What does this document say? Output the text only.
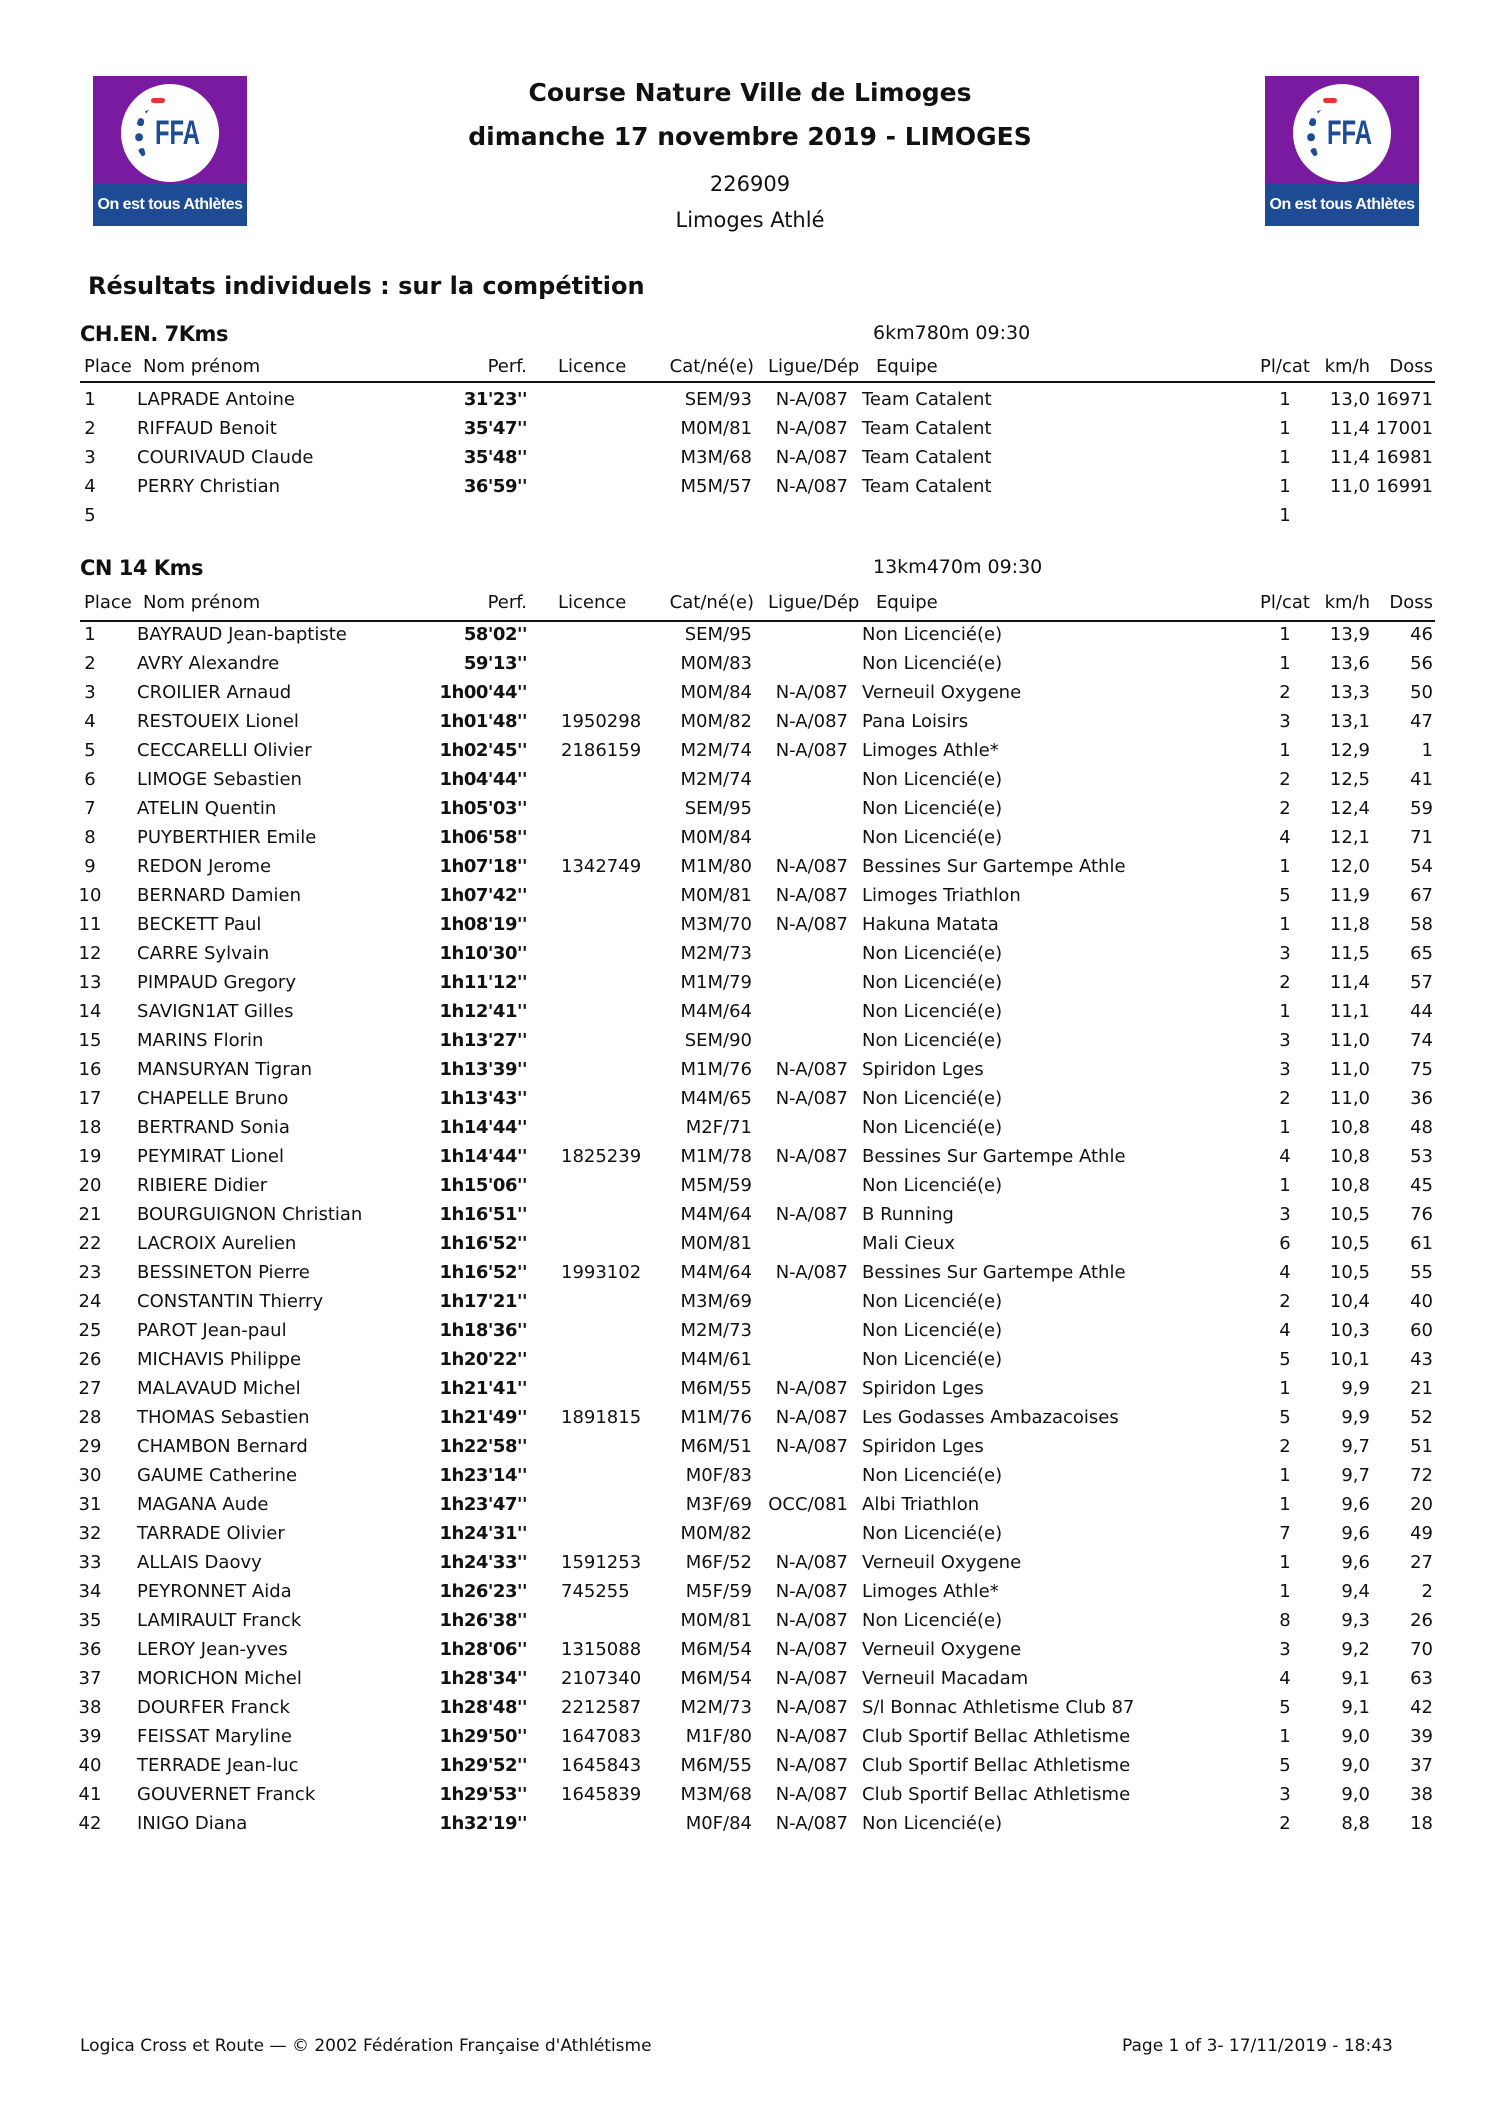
FFA
On est tous Athlètes
FFA
On est tous Athlètes
Course Nature Ville de Limoges
dimanche 17 novembre 2019 - LIMOGES
226909
Limoges Athlé
Résultats individuels : sur la compétition
CH.EN. 7Kms	6km780m 09:30
Place Nom prénom	Perf. Licence	Cat/né(e) Ligue/Dép Equipe	Pl/cat km/h	Doss
1	LAPRADE Antoine	31'23''	SEM/93	N-A/087 Team Catalent	1	13,0 16971
2	RIFFAUD Benoit	35'47''	M0M/81	N-A/087 Team Catalent	1	11,4 17001
3	COURIVAUD Claude	35'48''	M3M/68	N-A/087 Team Catalent	1	11,4 16981
4	PERRY Christian	36'59''	M5M/57	N-A/087 Team Catalent	1	11,0 16991
5	1
CN 14 Kms	13km470m 09:30
Place Nom prénom	Perf. Licence	Cat/né(e) Ligue/Dép Equipe	Pl/cat km/h	Doss
1	BAYRAUD Jean-baptiste	58'02''	SEM/95	Non Licencié(e)	1	13,9	46
2	AVRY Alexandre	59'13''	M0M/83	Non Licencié(e)	1	13,6	56
3	CROILIER Arnaud	1h00'44''	M0M/84	N-A/087 Verneuil Oxygene	2	13,3	50
4	RESTOUEIX Lionel	1h01'48'' 1950298	M0M/82	N-A/087 Pana Loisirs	3	13,1	47
5	CECCARELLI Olivier	1h02'45'' 2186159	M2M/74	N-A/087 Limoges Athle*	1	12,9	1
6	LIMOGE Sebastien	1h04'44''	M2M/74	Non Licencié(e)	2	12,5	41
7	ATELIN Quentin	1h05'03''	SEM/95	Non Licencié(e)	2	12,4	59
8	PUYBERTHIER Emile	1h06'58''	M0M/84	Non Licencié(e)	4	12,1	71
9	REDON Jerome	1h07'18'' 1342749	M1M/80	N-A/087 Bessines Sur Gartempe Athle	1	12,0	54
10	BERNARD Damien	1h07'42''	M0M/81	N-A/087 Limoges Triathlon	5	11,9	67
11	BECKETT Paul	1h08'19''	M3M/70	N-A/087 Hakuna Matata	1	11,8	58
12	CARRE Sylvain	1h10'30''	M2M/73	Non Licencié(e)	3	11,5	65
13	PIMPAUD Gregory	1h11'12''	M1M/79	Non Licencié(e)	2	11,4	57
14	SAVIGN1AT Gilles	1h12'41''	M4M/64	Non Licencié(e)	1	11,1	44
15	MARINS Florin	1h13'27''	SEM/90	Non Licencié(e)	3	11,0	74
16	MANSURYAN Tigran	1h13'39''	M1M/76	N-A/087 Spiridon Lges	3	11,0	75
17	CHAPELLE Bruno	1h13'43''	M4M/65	N-A/087 Non Licencié(e)	2	11,0	36
18	BERTRAND Sonia	1h14'44''	M2F/71	Non Licencié(e)	1	10,8	48
19	PEYMIRAT Lionel	1h14'44'' 1825239	M1M/78	N-A/087 Bessines Sur Gartempe Athle	4	10,8	53
20	RIBIERE Didier	1h15'06''	M5M/59	Non Licencié(e)	1	10,8	45
21	BOURGUIGNON Christian	1h16'51''	M4M/64	N-A/087 B Running	3	10,5	76
22	LACROIX Aurelien	1h16'52''	M0M/81	Mali Cieux	6	10,5	61
23	BESSINETON Pierre	1h16'52'' 1993102	M4M/64	N-A/087 Bessines Sur Gartempe Athle	4	10,5	55
24	CONSTANTIN Thierry	1h17'21''	M3M/69	Non Licencié(e)	2	10,4	40
25	PAROT Jean-paul	1h18'36''	M2M/73	Non Licencié(e)	4	10,3	60
26	MICHAVIS Philippe	1h20'22''	M4M/61	Non Licencié(e)	5	10,1	43
27	MALAVAUD Michel	1h21'41''	M6M/55	N-A/087 Spiridon Lges	1	9,9	21
28	THOMAS Sebastien	1h21'49'' 1891815	M1M/76	N-A/087 Les Godasses Ambazacoises	5	9,9	52
29	CHAMBON Bernard	1h22'58''	M6M/51	N-A/087 Spiridon Lges	2	9,7	51
30	GAUME Catherine	1h23'14''	M0F/83	Non Licencié(e)	1	9,7	72
31	MAGANA Aude	1h23'47''	M3F/69 OCC/081 Albi Triathlon	1	9,6	20
32	TARRADE Olivier	1h24'31''	M0M/82	Non Licencié(e)	7	9,6	49
33	ALLAIS Daovy	1h24'33'' 1591253	M6F/52	N-A/087 Verneuil Oxygene	1	9,6	27
34	PEYRONNET Aida	1h26'23'' 745255	M5F/59	N-A/087 Limoges Athle*	1	9,4	2
35	LAMIRAULT Franck	1h26'38''	M0M/81	N-A/087 Non Licencié(e)	8	9,3	26
36	LEROY Jean-yves	1h28'06'' 1315088	M6M/54	N-A/087 Verneuil Oxygene	3	9,2	70
37	MORICHON Michel	1h28'34'' 2107340	M6M/54	N-A/087 Verneuil Macadam	4	9,1	63
38	DOURFER Franck	1h28'48'' 2212587	M2M/73	N-A/087 S/l Bonnac Athletisme Club 87	5	9,1	42
39	FEISSAT Maryline	1h29'50'' 1647083	M1F/80	N-A/087 Club Sportif Bellac Athletisme	1	9,0	39
40	TERRADE Jean-luc	1h29'52'' 1645843	M6M/55	N-A/087 Club Sportif Bellac Athletisme	5	9,0	37
41	GOUVERNET Franck	1h29'53'' 1645839	M3M/68	N-A/087 Club Sportif Bellac Athletisme	3	9,0	38
42	INIGO Diana	1h32'19''	M0F/84	N-A/087 Non Licencié(e)	2	8,8	18
Logica Cross et Route — © 2002 Fédération Française d'Athlétisme	Page 1 of 3- 17/11/2019 - 18:43
